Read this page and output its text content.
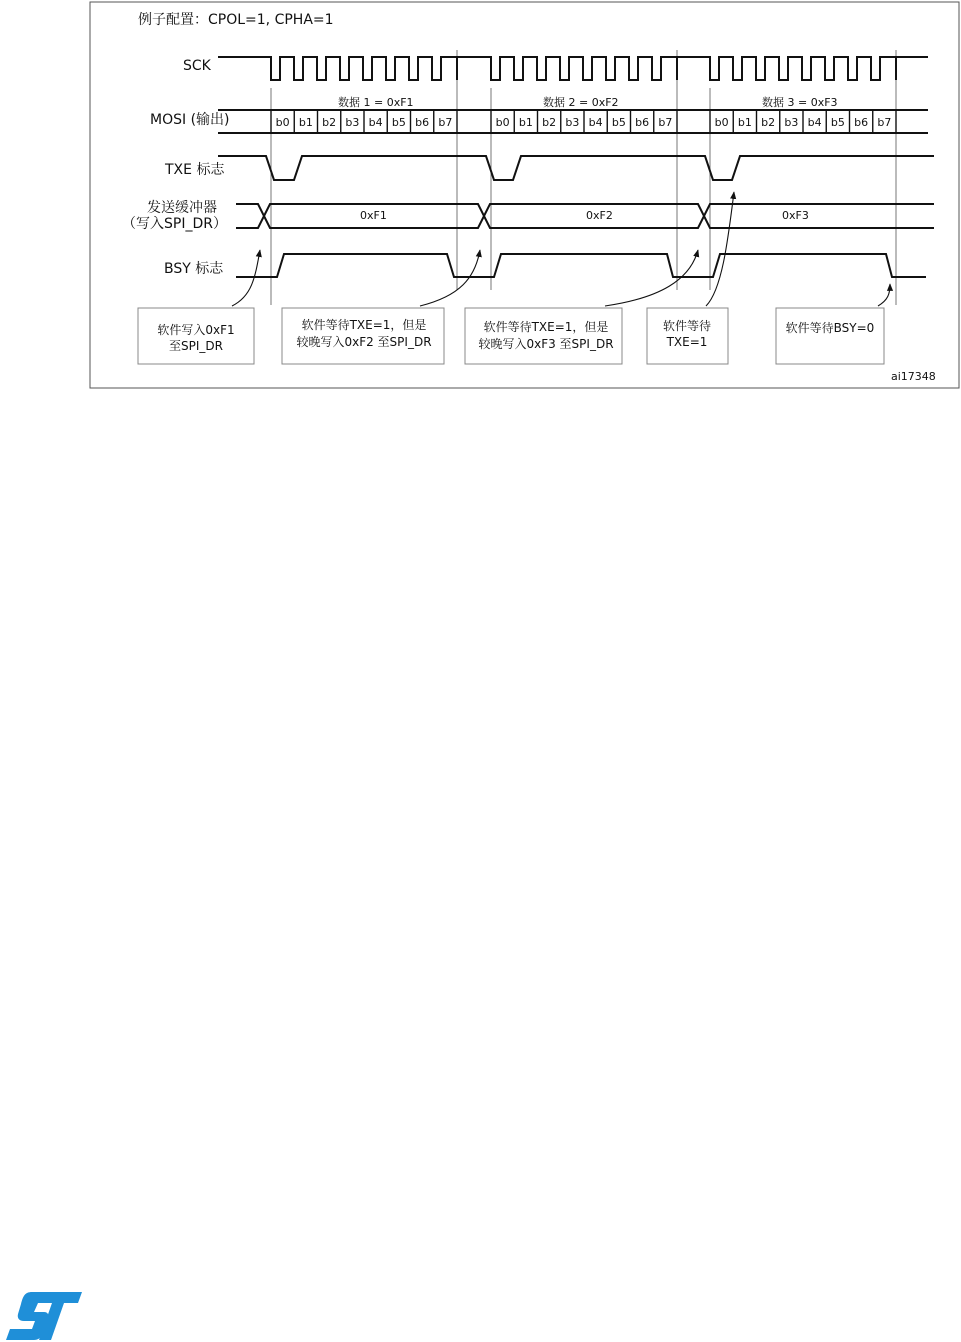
例子配置：CPOL=1, CPHA=1
SCK
MOSI (输出)
TXE 标志
发送缓冲器
（写入SPI_DR）
BSY 标志
数据 1 = 0xF1	数据 2 = 0xF2	数据 3 = 0xF3
b0 b1 b2 b3 b4 b5 b6 b7	b0 b1 b2 b3 b4 b5 b6 b7	b0 b1 b2 b3 b4 b5 b6 b7
0xF1	0xF2	0xF3
软件写入0xF1
至SPI_DR
软件等待TXE=1，但是
较晚写入0xF2 至SPI_DR
软件等待TXE=1，但是
较晚写入0xF3 至SPI_DR
软件等待
TXE=1
软件等待BSY=0
ai17348
